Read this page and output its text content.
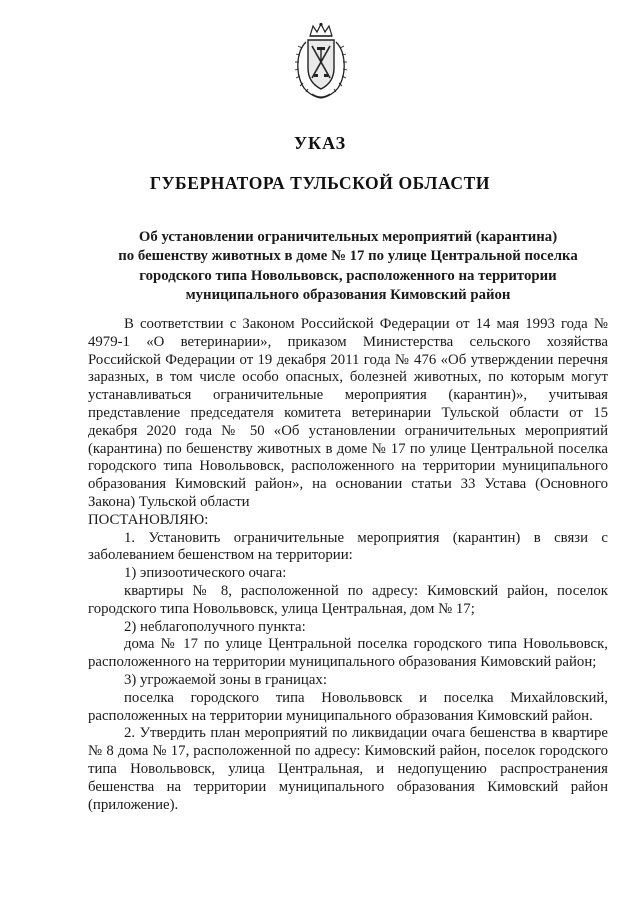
УКАЗ
ГУБЕРНАТОРА ТУЛЬСКОЙ ОБЛАСТИ
Об установлении ограничительных мероприятий (карантина)
по бешенству животных в доме № 17 по улице Центральной поселка
городского типа Новольвовск, расположенного на территории
муниципального образования Кимовский район

В соответствии с Законом Российской Федерации от 14 мая 1993 года № 4979-1 «О ветеринарии», приказом Министерства сельского хозяйства Российской Федерации от 19 декабря 2011 года № 476 «Об утверждении перечня заразных, в том числе особо опасных, болезней животных, по которым могут устанавливаться ограничительные мероприятия (карантин)», учитывая представление председателя комитета ветеринарии Тульской области от 15 декабря 2020 года № 50 «Об установлении ограничительных мероприятий (карантина) по бешенству животных в доме № 17 по улице Центральной поселка городского типа Новольвовск, расположенного на территории муниципального образования Кимовский район», на основании статьи 33 Устава (Основного Закона) Тульской области

ПОСТАНОВЛЯЮ:

1. Установить ограничительные мероприятия (карантин) в связи с заболеванием бешенством на территории:

1) эпизоотического очага:

квартиры № 8, расположенной по адресу: Кимовский район, поселок городского типа Новольвовск, улица Центральная, дом № 17;

2) неблагополучного пункта:

дома № 17 по улице Центральной поселка городского типа Новольвовск, расположенного на территории муниципального образования Кимовский район;

3) угрожаемой зоны в границах:

поселка городского типа Новольвовск и поселка Михайловский, расположенных на территории муниципального образования Кимовский район.

2. Утвердить план мероприятий по ликвидации очага бешенства в квартире № 8 дома № 17, расположенной по адресу: Кимовский район, поселок городского типа Новольвовск, улица Центральная, и недопущению распространения бешенства на территории муниципального образования Кимовский район (приложение).
